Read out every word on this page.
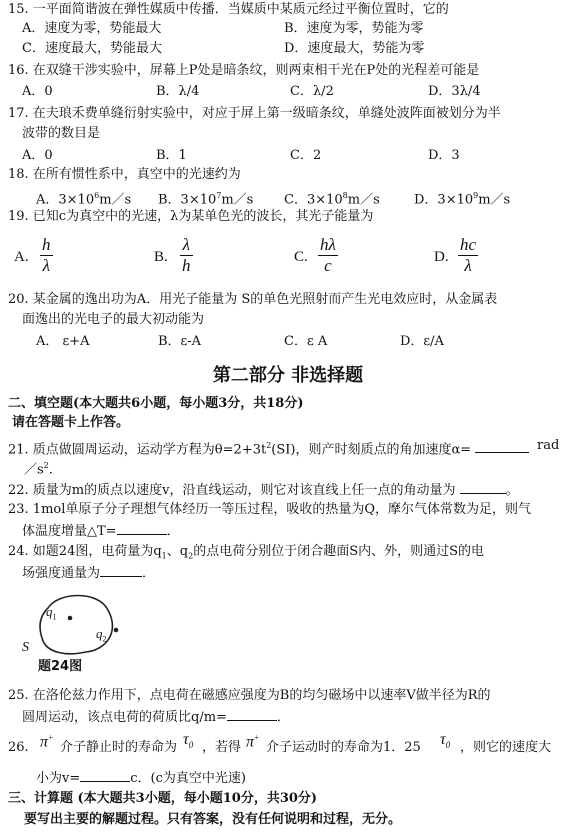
15. 一平面简谐波在弹性媒质中传播．当媒质中某质元经过平衡位置时，它的
A．速度为零，势能最大	B．速度为零，势能为零
C．速度最大，势能最大	D．速度最大，势能为零
16. 在双缝干涉实验中，屏幕上P处是暗条纹，则两束相干光在P处的光程差可能是
A．0	B．λ/4	C．λ/2	D．3λ/4
17. 在夫琅禾费单缝衍射实验中，对应于屏上第一级暗条纹，单缝处波阵面被划分为半
波带的数目是
A．0	B．1	C．2	D．3
18. 在所有惯性系中，真空中的光速约为
A．$3\times 10^6m/s$ B．$3\times 10^7m/s$ C．$3\times 10^8m/s$	D．$3\times 10^9m/s$
19. 已知c为真空中的光速，λ为某单色光的波长，其光子能量为
A.
h
λ	B.
λ
h	C.
hλ
c	D.
hc
λ
20. 某金属的逸出功为A．用光子能量为 S的单色光照射而产生光电效应时，从金属表
面逸出的光电子的最大初动能为
A． ε+A	B．ε-A	C．ε A	D．ε/A
第二部分 非选择题
二、填空题(本大题共6小题，每小题3分，共18分)
请在答题卡上作答。
21. 质点做圆周运动，运动学方程为$\theta=2+3t^2(SI)$，则产时刻质点的角加速度α=	rad
$/s^2$.
22. 质量为m的质点以速度v，沿直线运动，则它对该直线上任一点的角动量为	。
23. 1mol单原子分子理想气体经历一等压过程，吸收的热量为Q，摩尔气体常数为足，则气
体温度增量△T=	．
24. 如题24图，电荷量为$q_1$、$q_2$的点电荷分别位于闭合趣面S内、外，则通过S的电
场强度通量为	．
$q_1$
$q_2$
S
题24图
25. 在洛伦兹力作用下，点电荷在磁感应强度为B的均匀磁场中以速率V做半径为R的
圆周运动，该点电荷的荷质比q/m=	．
26. π+
介子静止时的寿命为 $\tau_0$ ，若得 π+
介子运动时的寿命为1．25 $\tau_0$ ，则它的速度大
小为v=	c．(c为真空中光速)
三、计算题 (本大题共3小题，每小题10分，共30分)
要写出主要的解题过程。只有答案，没有任何说明和过程，无分。
